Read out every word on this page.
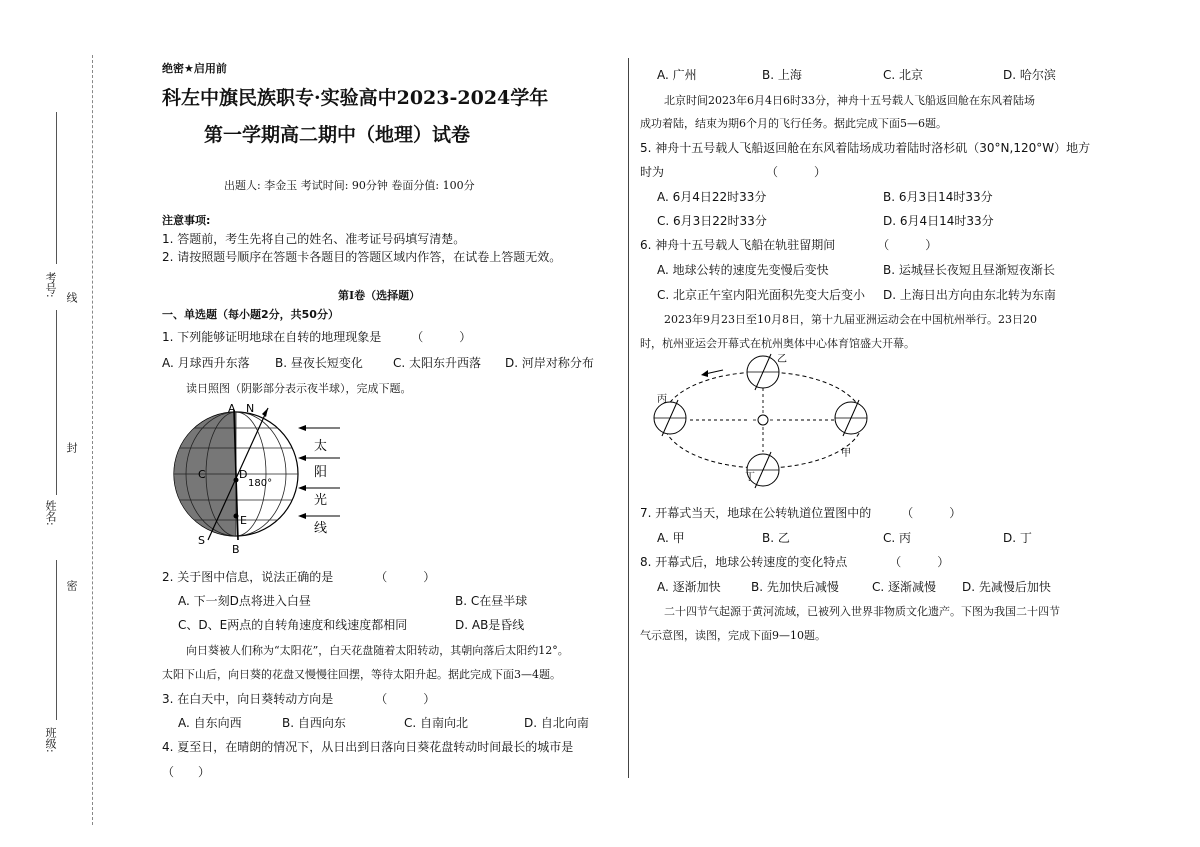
线
封
密
考号:
姓名:
班级:
绝密★启用前
科左中旗民族职专·实验高中2023-2024学年
第一学期高二期中（地理）试卷
出题人: 李金玉 考试时间: 90分钟 卷面分值: 100分
注意事项:
1. 答题前，考生先将自己的姓名、准考证号码填写清楚。
2. 请按照题号顺序在答题卡各题目的答题区域内作答，在试卷上答题无效。
第I卷（选择题）
一、单选题（每小题2分，共50分）
1. 下列能够证明地球在自转的地理现象是　　　（　　　）
A. 月球西升东落 B. 昼夜长短变化	C. 太阳东升西落 D. 河岸对称分布
读日照图（阴影部分表示夜半球），完成下题。
A N
C	D
180°
E
S
B
太
阳
光
线
2. 关于图中信息，说法正确的是　　　　（　　　）
A. 下一刻D点将进入白昼	B. C在昼半球
C、D、E两点的自转角速度和线速度都相同	D. AB是昏线
向日葵被人们称为“太阳花”，白天花盘随着太阳转动，其朝向落后太阳约12°。
太阳下山后，向日葵的花盘又慢慢往回摆，等待太阳升起。据此完成下面3—4题。
3. 在白天中，向日葵转动方向是　　　　（　　　）
A. 自东向西	B. 自西向东	C. 自南向北	D. 自北向南
4. 夏至日，在晴朗的情况下，从日出到日落向日葵花盘转动时间最长的城市是
（　　）
A. 广州	B. 上海	C. 北京	D. 哈尔滨
北京时间2023年6月4日6时33分，神舟十五号载人飞船返回舱在东风着陆场
成功着陆，结束为期6个月的飞行任务。据此完成下面5—6题。
5. 神舟十五号载人飞船返回舱在东风着陆场成功着陆时洛杉矶（30°N,120°W）地方
时为　　　　　　　　　（　　　）
A. 6月4日22时33分	B. 6月3日14时33分
C. 6月3日22时33分	D. 6月4日14时33分
6. 神舟十五号载人飞船在轨驻留期间　　　　（　　　）
A. 地球公转的速度先变慢后变快	B. 运城昼长夜短且昼渐短夜渐长
C. 北京正午室内阳光面积先变大后变小 D. 上海日出方向由东北转为东南
2023年9月23日至10月8日，第十九届亚洲运动会在中国杭州举行。23日20
时，杭州亚运会开幕式在杭州奥体中心体育馆盛大开幕。
乙
丙
丁
甲
7. 开幕式当天，地球在公转轨道位置图中的　　　（　　　）
A. 甲	B. 乙	C. 丙	D. 丁
8. 开幕式后，地球公转速度的变化特点　　　　（　　　）
A. 逐渐加快	B. 先加快后减慢	C. 逐渐减慢 D. 先减慢后加快
二十四节气起源于黄河流域，已被列入世界非物质文化遗产。下图为我国二十四节
气示意图，读图，完成下面9—10题。
